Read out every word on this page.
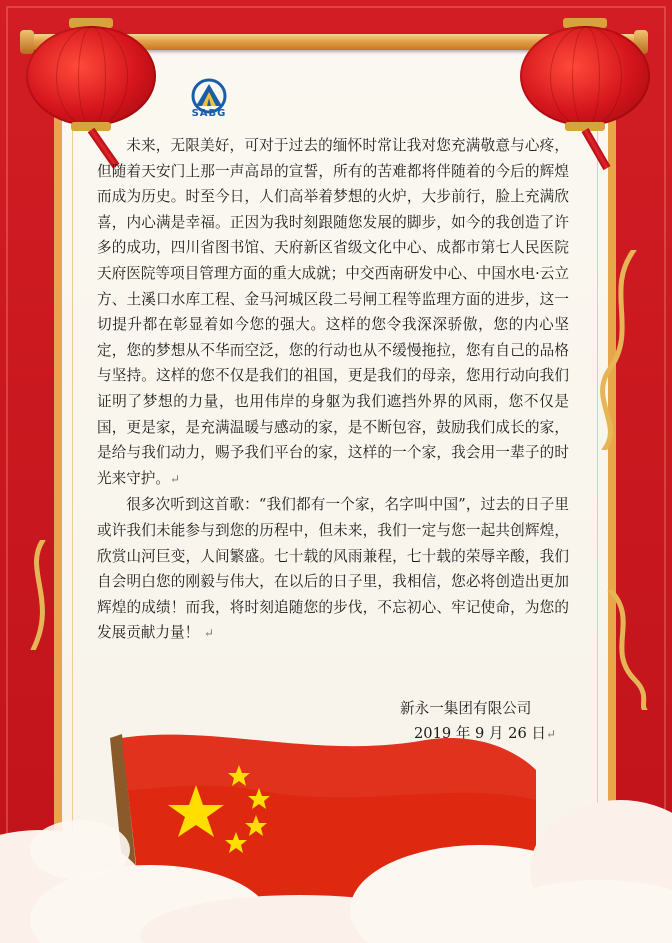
SABG

未来，无限美好，可对于过去的缅怀时常让我对您充满敬意与心疼，但随着天安门上那一声高昂的宣誓，所有的苦难都将伴随着的今后的辉煌而成为历史。时至今日，人们高举着梦想的火炉，大步前行，脸上充满欣喜，内心满是幸福。正因为我时刻跟随您发展的脚步，如今的我创造了许多的成功，四川省图书馆、天府新区省级文化中心、成都市第七人民医院天府医院等项目管理方面的重大成就；中交西南研发中心、中国水电·云立方、土溪口水库工程、金马河城区段二号闸工程等监理方面的进步，这一切提升都在彰显着如今您的强大。这样的您令我深深骄傲，您的内心坚定，您的梦想从不华而空泛，您的行动也从不缓慢拖拉，您有自己的品格与坚持。这样的您不仅是我们的祖国，更是我们的母亲，您用行动向我们证明了梦想的力量，也用伟岸的身躯为我们遮挡外界的风雨，您不仅是国，更是家，是充满温暖与感动的家，是不断包容，鼓励我们成长的家，是给与我们动力，赐予我们平台的家，这样的一个家，我会用一辈子的时光来守护。↵

很多次听到这首歌：“我们都有一个家，名字叫中国”，过去的日子里或许我们未能参与到您的历程中，但未来，我们一定与您一起共创辉煌，欣赏山河巨变，人间繁盛。七十载的风雨兼程，七十载的荣辱辛酸，我们自会明白您的刚毅与伟大，在以后的日子里，我相信，您必将创造出更加辉煌的成绩！而我，将时刻追随您的步伐，不忘初心、牢记使命，为您的发展贡献力量！ ↵

新永一集团有限公司
2019 年 9 月 26 日↵
